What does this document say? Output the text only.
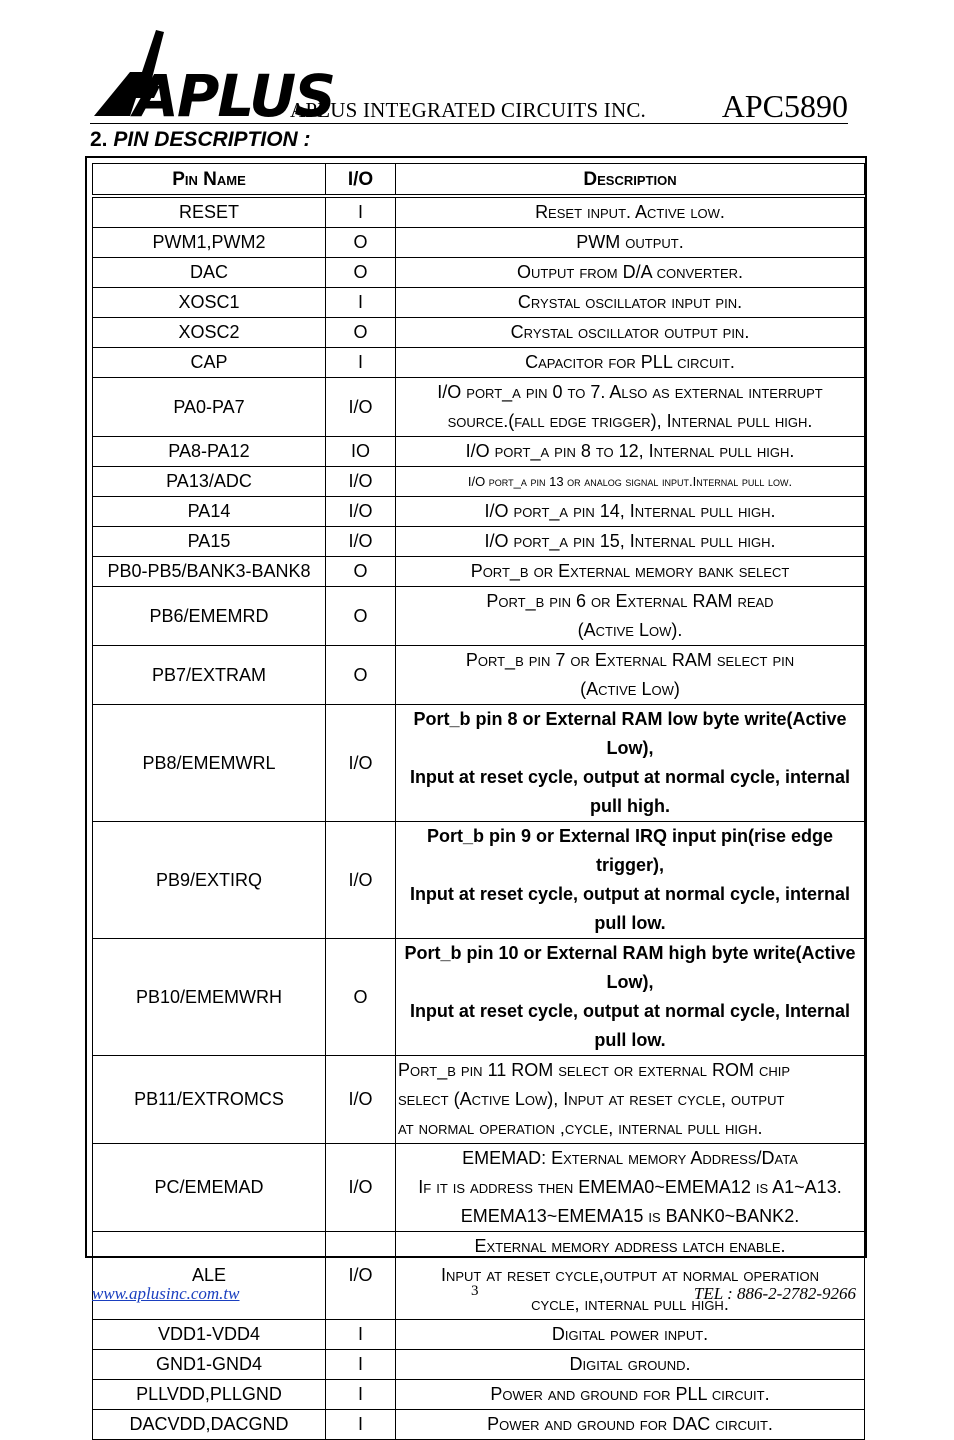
APLUS
APLUS INTEGRATED CIRCUITS INC. APC5890
2. PIN DESCRIPTION :
Pin Name	I/O	Description

RESET	I	Reset input. Active low.

PWM1,PWM2	O	PWM output.

DAC	O	Output from D/A converter.

XOSC1	I	Crystal oscillator input pin.

XOSC2	O	Crystal oscillator output pin.

CAP	I	Capacitor for PLL circuit.

PA0-PA7	I/O	I/O port_a pin 0 to 7. Also as external interrupt
source.(fall edge trigger), Internal pull high.

PA8-PA12	IO	I/O port_a pin 8 to 12, Internal pull high.

PA13/ADC	I/O	I/O port_a pin 13 or analog signal input.Internal pull low.

PA14	I/O	I/O port_a pin 14, Internal pull high.

PA15	I/O	I/O port_a pin 15, Internal pull high.

PB0-PB5/BANK3-BANK8	O	Port_b or External memory bank select

PB6/EMEMRD	O	Port_b pin 6 or External RAM read
(Active Low).

PB7/EXTRAM	O	Port_b pin 7 or External RAM select pin
(Active Low)

PB8/EMEMWRL	I/O	Port_b pin 8 or External RAM low byte write(Active Low),
Input at reset cycle, output at normal cycle, internal pull high.

PB9/EXTIRQ	I/O	Port_b pin 9 or External IRQ input pin(rise edge trigger),
Input at reset cycle, output at normal cycle, internal pull low.

PB10/EMEMWRH	O	Port_b pin 10 or External RAM high byte write(Active Low),
Input at reset cycle, output at normal cycle, Internal pull low.

PB11/EXTROMCS	I/O	Port_b pin 11 ROM select or external ROM chip
select (Active Low), Input at reset cycle, output
at normal operation ,cycle, internal pull high.

PC/EMEMAD	I/O	EMEMAD: External memory Address/Data
If it is address then EMEMA0~EMEMA12 is A1~A13.
EMEMA13~EMEMA15 is BANK0~BANK2.

ALE	I/O	External memory address latch enable.
Input at reset cycle,output at normal operation
cycle, internal pull high.

VDD1-VDD4	I	Digital power input.

GND1-GND4	I	Digital ground.

PLLVDD,PLLGND	I	Power and ground for PLL circuit.

DACVDD,DACGND	I	Power and ground for DAC circuit.
www.aplusinc.com.tw	3	TEL : 886-2-2782-9266
